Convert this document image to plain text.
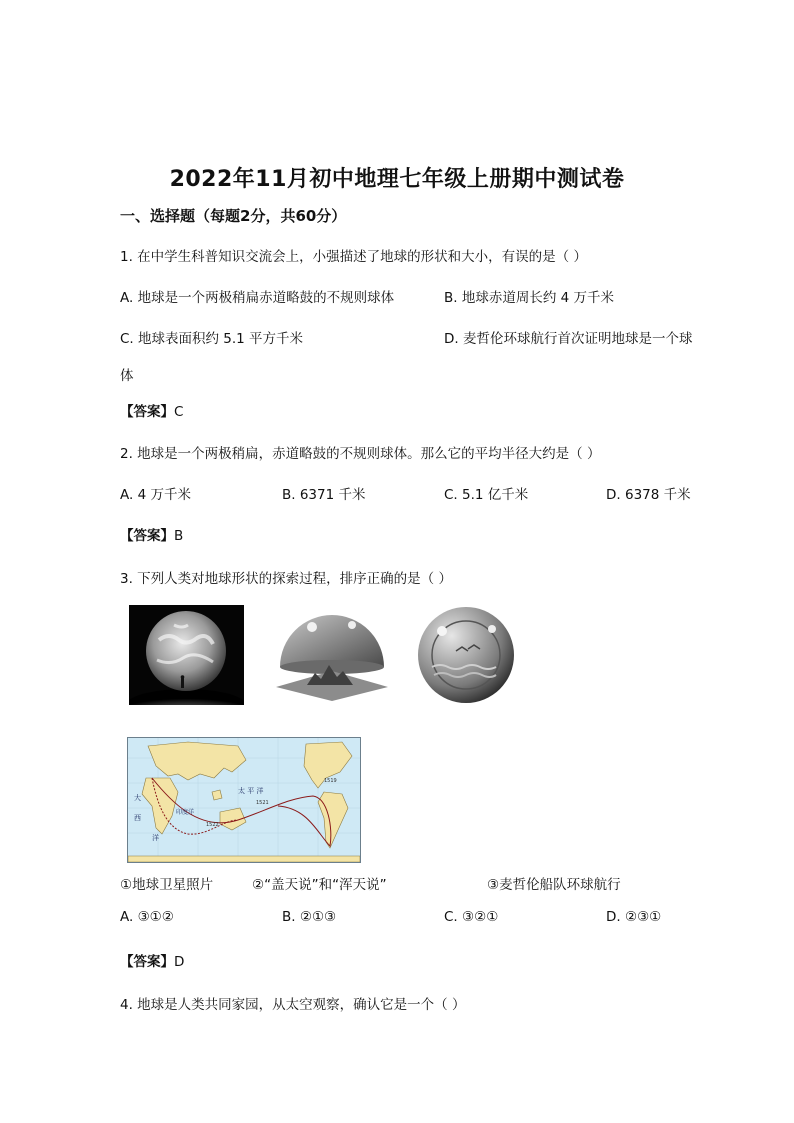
2022年11月初中地理七年级上册期中测试卷
一、选择题（每题2分，共60分）
1. 在中学生科普知识交流会上，小强描述了地球的形状和大小，有误的是（ ）
A. 地球是一个两极稍扁赤道略鼓的不规则球体	B. 地球赤道周长约 4 万千米
C. 地球表面积约 5.1 平方千米	D. 麦哲伦环球航行首次证明地球是一个球
体
【答案】C
2. 地球是一个两极稍扁，赤道略鼓的不规则球体。那么它的平均半径大约是（ ）
A. 4 万千米	B. 6371 千米	C. 5.1 亿千米	D. 6378 千米
【答案】B
3. 下列人类对地球形状的探索过程，排序正确的是（ ）
太 平 洋
印度洋
大
西
洋
1519
1521
1522
①地球卫星照片	②“盖天说”和“浑天说”	③麦哲伦船队环球航行
A. ③①②	B. ②①③	C. ③②①	D. ②③①
【答案】D
4. 地球是人类共同家园，从太空观察，确认它是一个（ ）
